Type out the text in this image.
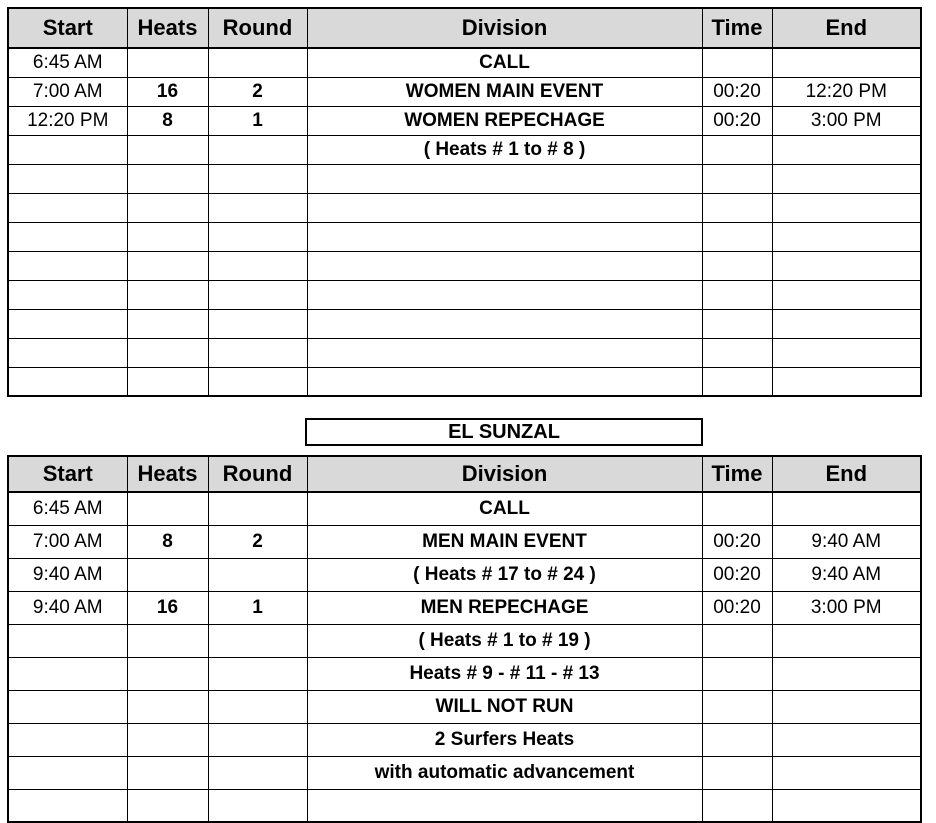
Start	Heats	Round	Division	Time	End
6:45 AM			CALL		
7:00 AM	16	2	WOMEN MAIN EVENT	00:20	12:20 PM
12:20 PM	8	1	WOMEN REPECHAGE	00:20	3:00 PM
			( Heats # 1 to # 8 )		

EL SUNZAL
Start	Heats	Round	Division	Time	End
6:45 AM			CALL		
7:00 AM	8	2	MEN MAIN EVENT	00:20	9:40 AM
9:40 AM			( Heats # 17 to # 24 )	00:20	9:40 AM
9:40 AM	16	1	MEN REPECHAGE	00:20	3:00 PM
			( Heats # 1 to # 19 )		
			Heats # 9 - # 11 - # 13		
			WILL NOT RUN		
			2 Surfers Heats		
			with automatic advancement		
